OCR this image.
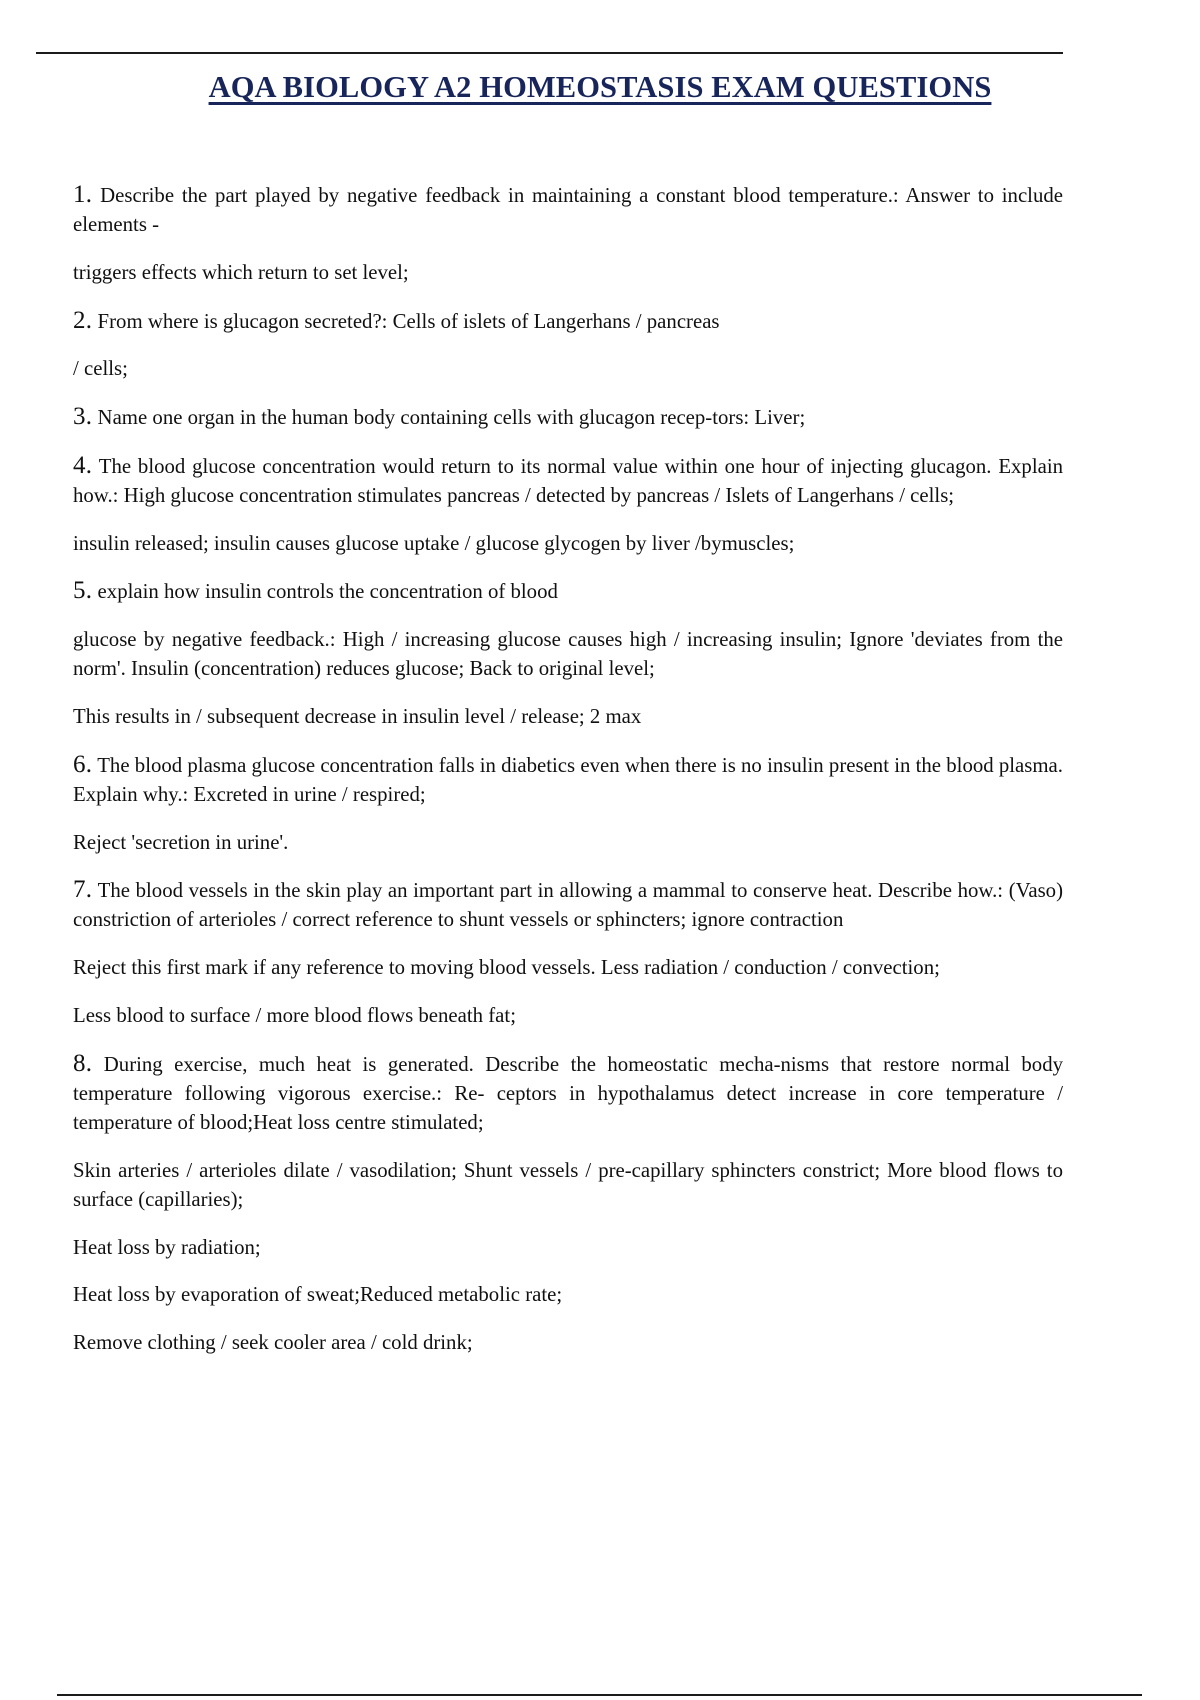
AQA BIOLOGY A2 HOMEOSTASIS EXAM QUESTIONS

1. Describe the part played by negative feedback in maintaining a constant blood temperature.: Answer to include elements -

triggers effects which return to set level;

2. From where is glucagon secreted?: Cells of islets of Langerhans / pancreas

/ cells;

3. Name one organ in the human body containing cells with glucagon recep-tors: Liver;

4. The blood glucose concentration would return to its normal value within one hour of injecting glucagon. Explain how.: High glucose concentration stimulates pancreas / detected by pancreas / Islets of Langerhans / cells;

insulin released; insulin causes glucose uptake / glucose glycogen by liver /bymuscles;

5. explain how insulin controls the concentration of blood

glucose by negative feedback.: High / increasing glucose causes high / increasing insulin; Ignore 'deviates from the norm'. Insulin (concentration) reduces glucose; Back to original level;

This results in / subsequent decrease in insulin level / release; 2 max

6. The blood plasma glucose concentration falls in diabetics even when there is no insulin present in the blood plasma. Explain why.: Excreted in urine / respired;

Reject 'secretion in urine'.

7. The blood vessels in the skin play an important part in allowing a mammal to conserve heat. Describe how.: (Vaso) constriction of arterioles / correct reference to shunt vessels or sphincters; ignore contraction

Reject this first mark if any reference to moving blood vessels. Less radiation / conduction / convection;

Less blood to surface / more blood flows beneath fat;

8. During exercise, much heat is generated. Describe the homeostatic mecha-nisms that restore normal body temperature following vigorous exercise.: Re- ceptors in hypothalamus detect increase in core temperature / temperature of blood;Heat loss centre stimulated;

Skin arteries / arterioles dilate / vasodilation; Shunt vessels / pre-capillary sphincters constrict; More blood flows to surface (capillaries);

Heat loss by radiation;

Heat loss by evaporation of sweat;Reduced metabolic rate;

Remove clothing / seek cooler area / cold drink;
